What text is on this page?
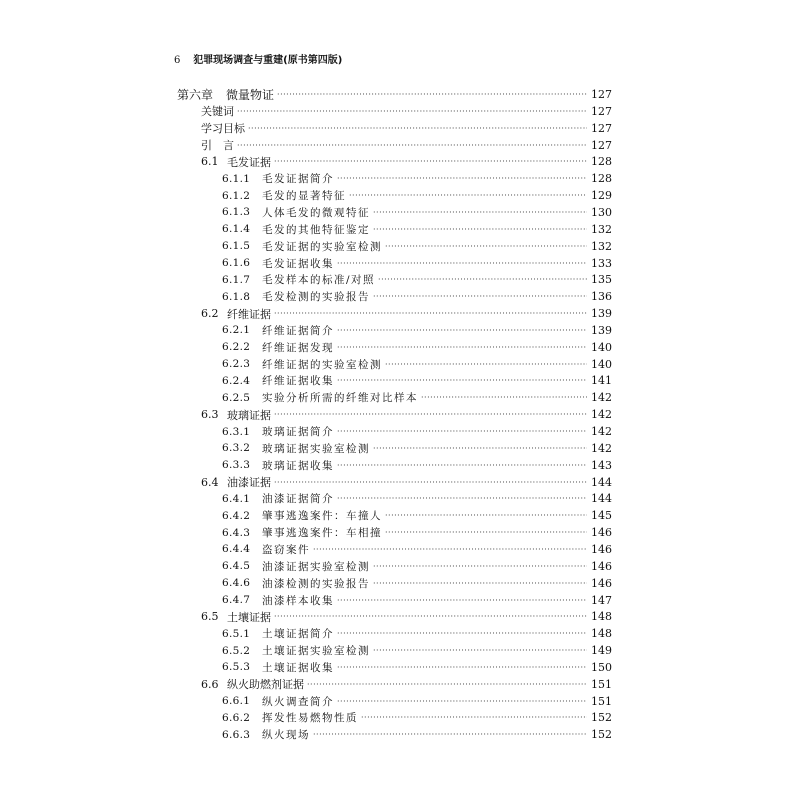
6 犯罪现场调查与重建(原书第四版)
第六章 微量物证 ·····	127
关键词 ·····	127
学习目标 ·····	127
引　言 ·····	127
6.1 毛发证据 ·····	128
6.1.1	毛发证据简介 ·····	128
6.1.2	毛发的显著特征 ·····	129
6.1.3	人体毛发的微观特征 ·····	130
6.1.4	毛发的其他特征鉴定 ·····	132
6.1.5	毛发证据的实验室检测 ·····	132
6.1.6	毛发证据收集 ·····	133
6.1.7	毛发样本的标准/对照 ·····	135
6.1.8	毛发检测的实验报告 ·····	136
6.2 纤维证据 ·····	139
6.2.1	纤维证据简介 ·····	139
6.2.2	纤维证据发现 ·····	140
6.2.3	纤维证据的实验室检测 ·····	140
6.2.4	纤维证据收集 ·····	141
6.2.5	实验分析所需的纤维对比样本 ·····	142
6.3 玻璃证据 ·····	142
6.3.1	玻璃证据简介 ·····	142
6.3.2	玻璃证据实验室检测 ·····	142
6.3.3	玻璃证据收集 ·····	143
6.4 油漆证据 ·····	144
6.4.1	油漆证据简介 ·····	144
6.4.2	肇事逃逸案件：车撞人 ·····	145
6.4.3	肇事逃逸案件：车相撞 ·····	146
6.4.4	盗窃案件 ·····	146
6.4.5	油漆证据实验室检测 ·····	146
6.4.6	油漆检测的实验报告 ·····	146
6.4.7	油漆样本收集 ·····	147
6.5 土壤证据 ·····	148
6.5.1	土壤证据简介 ·····	148
6.5.2	土壤证据实验室检测 ·····	149
6.5.3	土壤证据收集 ·····	150
6.6 纵火助燃剂证据 ·····	151
6.6.1	纵火调查简介 ·····	151
6.6.2	挥发性易燃物性质 ·····	152
6.6.3	纵火现场 ·····	152
